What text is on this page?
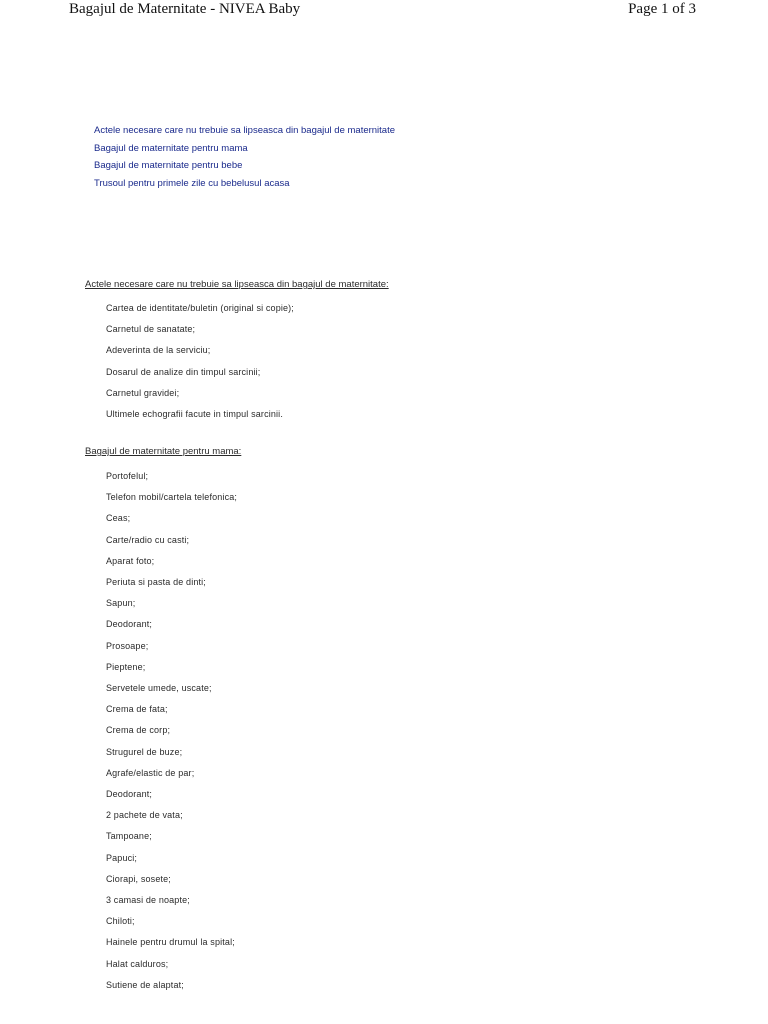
Bagajul de Maternitate - NIVEA Baby	Page 1 of 3
Actele necesare care nu trebuie sa lipseasca din bagajul de maternitate
Bagajul de maternitate pentru mama
Bagajul de maternitate pentru bebe
Trusoul pentru primele zile cu bebelusul acasa

Actele necesare care nu trebuie sa lipseasca din bagajul de maternitate:

Cartea de identitate/buletin (original si copie);
Carnetul de sanatate;
Adeverinta de la serviciu;
Dosarul de analize din timpul sarcinii;
Carnetul gravidei;
Ultimele echografii facute in timpul sarcinii.

Bagajul de maternitate pentru mama:

Portofelul;
Telefon mobil/cartela telefonica;
Ceas;
Carte/radio cu casti;
Aparat foto;
Periuta si pasta de dinti;
Sapun;
Deodorant;
Prosoape;
Pieptene;
Servetele umede, uscate;
Crema de fata;
Crema de corp;
Strugurel de buze;
Agrafe/elastic de par;
Deodorant;
2 pachete de vata;
Tampoane;
Papuci;
Ciorapi, sosete;
3 camasi de noapte;
Chiloti;
Hainele pentru drumul la spital;
Halat calduros;
Sutiene de alaptat;
